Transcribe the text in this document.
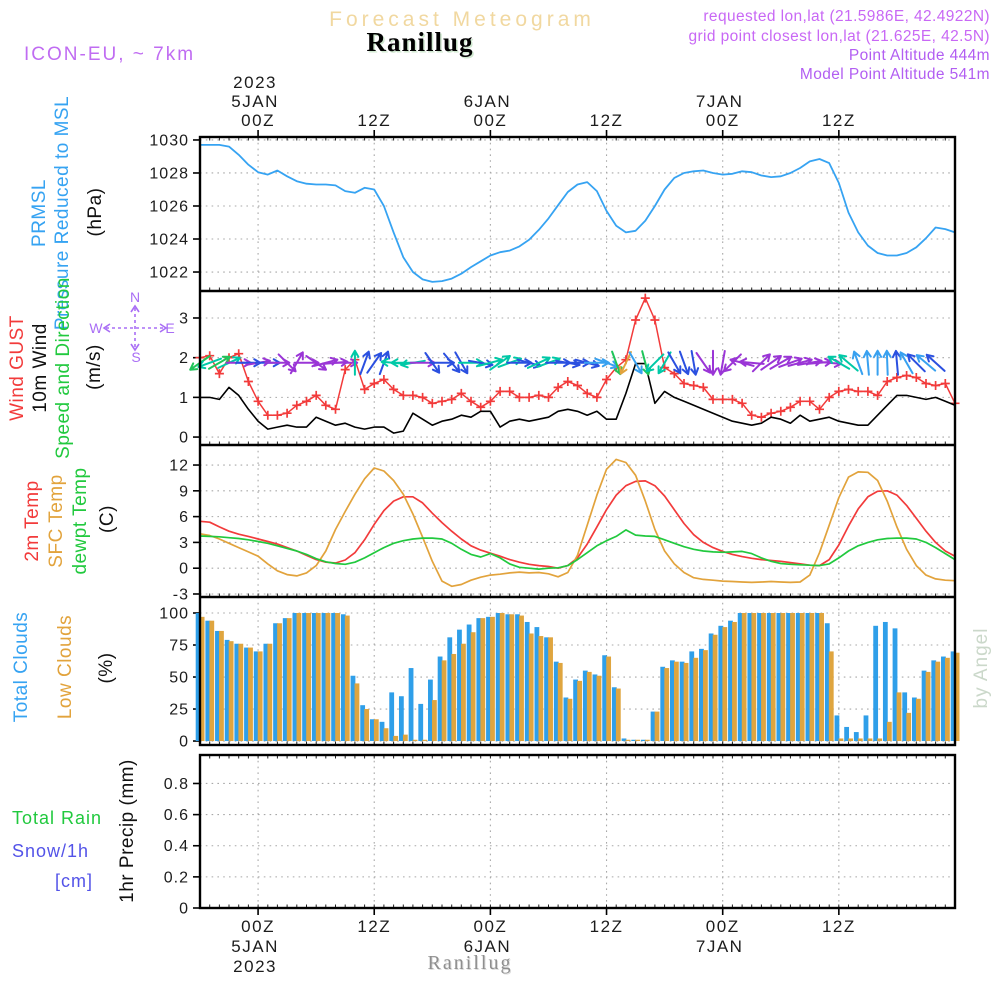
Forecast Meteogram
Ranillug
ICON-EU, ~ 7km
requested lon,lat (21.5986E, 42.4922N)
grid point closest lon,lat (21.625E, 42.5N)
Point Altitude 444m
Model Point Altitude 541m
PRMSL Pressure Reduced to MSL (hPa)
Wind GUST 10m Wind Speed and Direction (m/s)
2m Temp SFC Temp dewpt Temp (C)
Total Clouds Low Clouds (%)
Total Rain
Snow/1h
[cm] 1hr Precip (mm)
Ranillug
by Angel
1022
1024
1026
1028
1030
0
1
2
3
-3
0
3
6
9
12
0
25
50
75
100
0
0.2
0.4
0.6
0.8
00Z
5JAN
2023
00Z
5JAN
2023
12Z
12Z
00Z
6JAN
00Z
6JAN
12Z
12Z
00Z
7JAN
00Z
7JAN
12Z
12Z
N
S
W	E
